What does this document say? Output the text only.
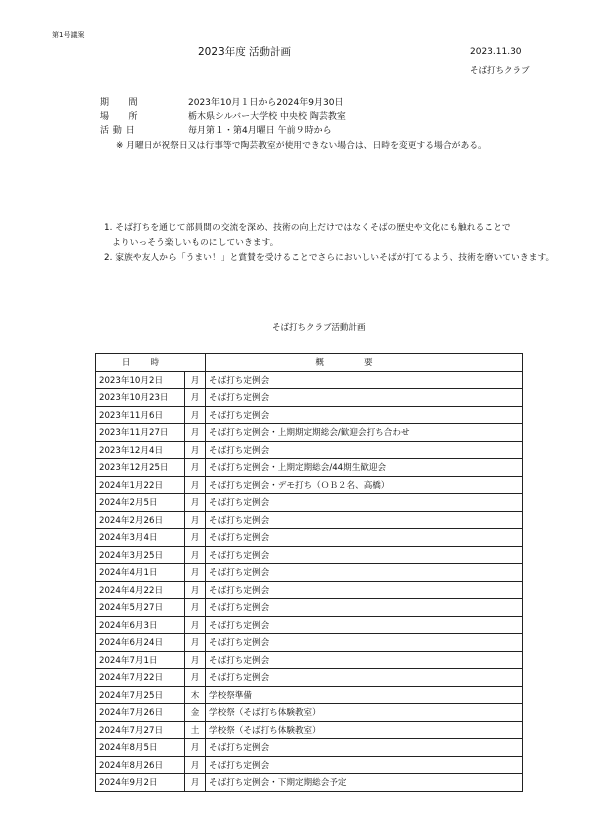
第1号議案
2023年度 活動計画	2023.11.30
そば打ちクラブ
期　　間	2023年10月１日から2024年9月30日
場　　所	栃木県シルバー大学校 中央校 陶芸教室
活 動 日	毎月第１・第4月曜日 午前９時から
※ 月曜日が祝祭日又は行事等で陶芸教室が使用できない場合は、日時を変更する場合がある。
1. そば打ちを通じて部員間の交流を深め、技術の向上だけではなくそばの歴史や文化にも触れることで
よりいっそう楽しいものにしていきます。
2. 家族や友人から「うまい！」と賞賛を受けることでさらにおいしいそばが打てるよう、技術を磨いていきます。
そば打ちクラブ活動計画
日時		概要
2023年10月2日	月	そば打ち定例会
2023年10月23日	月	そば打ち定例会
2023年11月6日	月	そば打ち定例会
2023年11月27日	月	そば打ち定例会・上期期定期総会/歓迎会打ち合わせ
2023年12月4日	月	そば打ち定例会
2023年12月25日	月	そば打ち定例会・上期定期総会/44期生歓迎会
2024年1月22日	月	そば打ち定例会・デモ打ち（ＯＢ２名、高橋）
2024年2月5日	月	そば打ち定例会
2024年2月26日	月	そば打ち定例会
2024年3月4日	月	そば打ち定例会
2024年3月25日	月	そば打ち定例会
2024年4月1日	月	そば打ち定例会
2024年4月22日	月	そば打ち定例会
2024年5月27日	月	そば打ち定例会
2024年6月3日	月	そば打ち定例会
2024年6月24日	月	そば打ち定例会
2024年7月1日	月	そば打ち定例会
2024年7月22日	月	そば打ち定例会
2024年7月25日	木	学校祭準備
2024年7月26日	金	学校祭（そば打ち体験教室）
2024年7月27日	土	学校祭（そば打ち体験教室）
2024年8月5日	月	そば打ち定例会
2024年8月26日	月	そば打ち定例会
2024年9月2日	月	そば打ち定例会・下期定期総会予定
